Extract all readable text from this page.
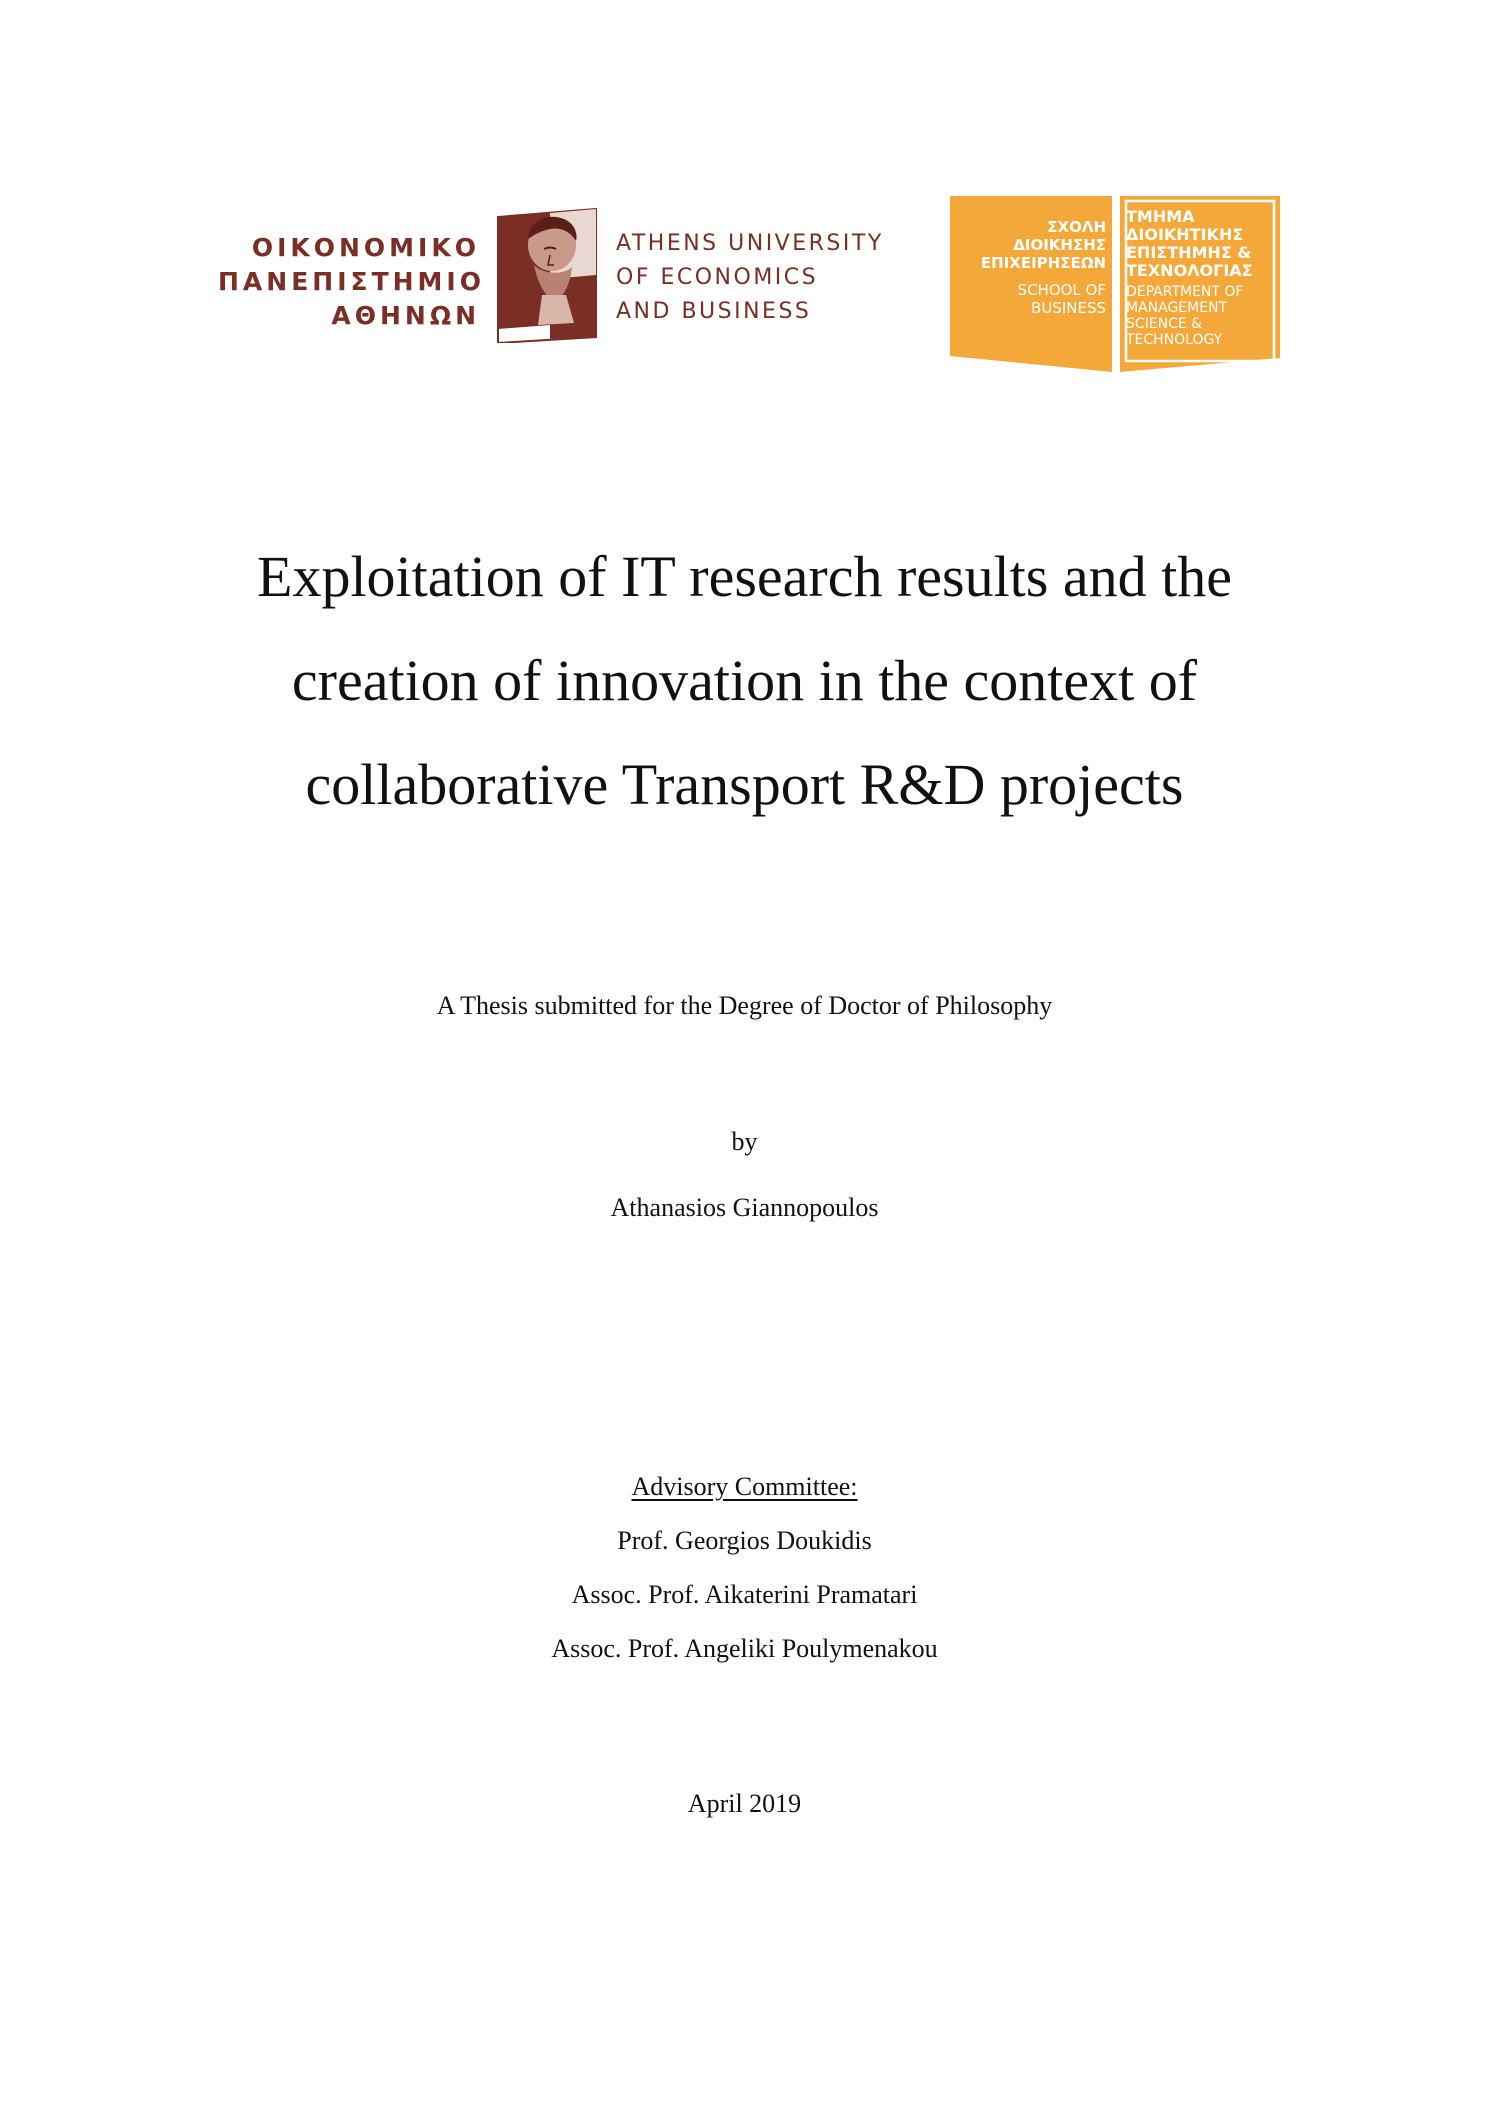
ΟΙΚΟΝΟΜΙΚΟ
ΠΑΝΕΠΙΣΤΗΜΙΟ
ΑΘΗΝΩΝ
ATHENS UNIVERSITY
OF ECONOMICS
AND BUSINESS
ΣΧΟΛΗ
ΔΙΟΙΚΗΣΗΣ
ΕΠΙΧΕΙΡΗΣΕΩΝ
SCHOOL OF
BUSINESS
ΤΜΗΜΑ
ΔΙΟΙΚΗΤΙΚΗΣ
ΕΠΙΣΤΗΜΗΣ &
ΤΕΧΝΟΛΟΓΙΑΣ
DEPARTMENT OF
MANAGEMENT
SCIENCE &
TECHNOLOGY
Exploitation of IT research results and the
creation of innovation in the context of
collaborative Transport R&D projects
A Thesis submitted for the Degree of Doctor of Philosophy
by
Athanasios Giannopoulos
Advisory Committee:
Prof. Georgios Doukidis
Assoc. Prof. Aikaterini Pramatari
Assoc. Prof. Angeliki Poulymenakou
April 2019
